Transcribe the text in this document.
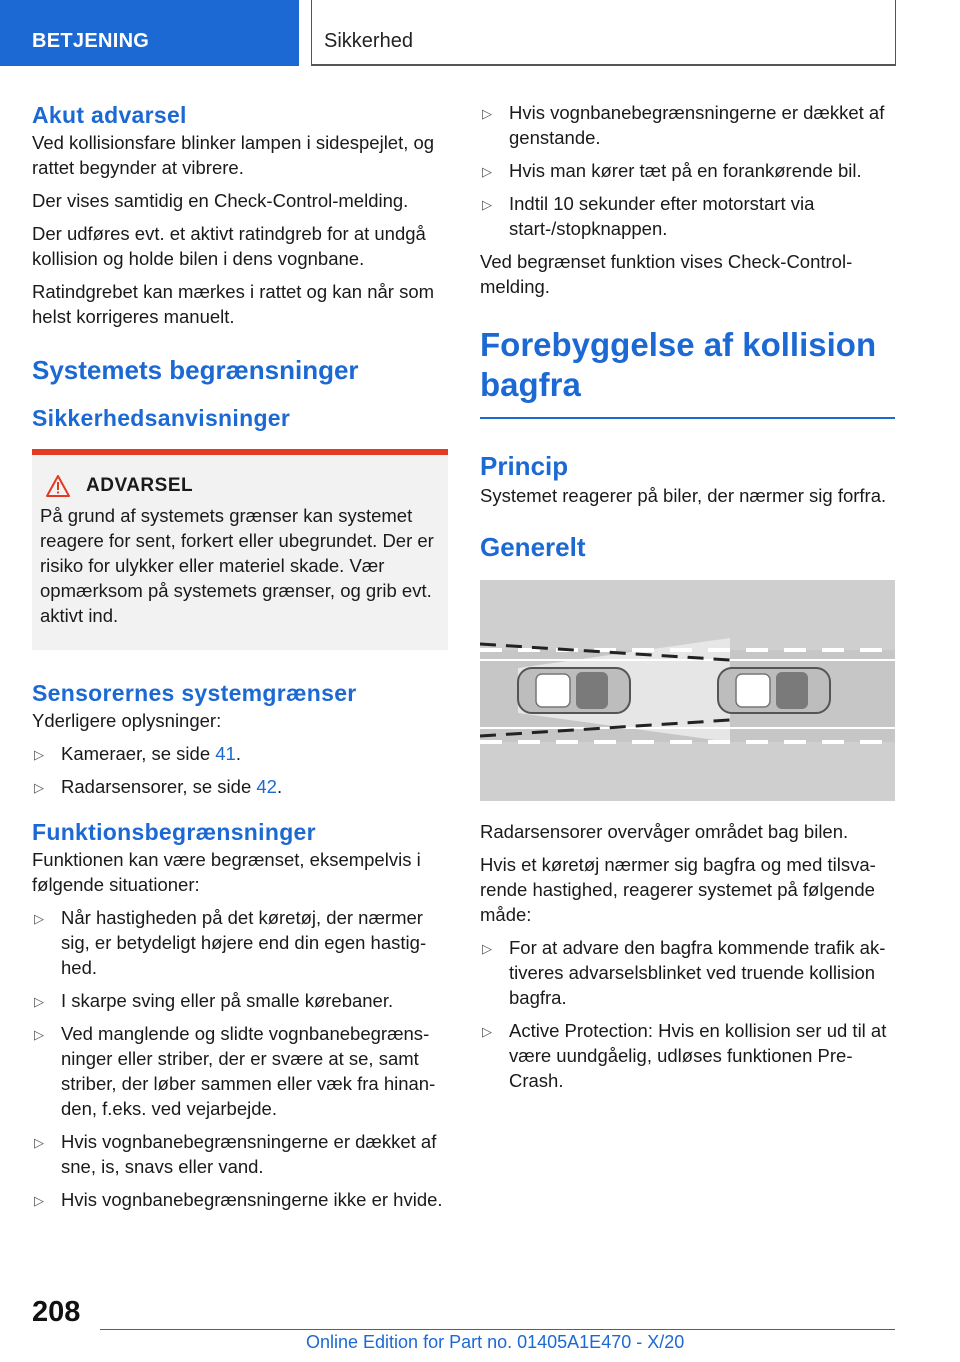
BETJENING	Sikkerhed
Akut advarsel

Ved kollisionsfare blinker lampen i sidespejlet, og rattet begynder at vibrere.

Der vises samtidig en Check-Control-melding.

Der udføres evt. et aktivt ratindgreb for at undgå kollision og holde bilen i dens vognbane.

Ratindgrebet kan mærkes i rattet og kan når som helst korrigeres manuelt.

Systemets begrænsninger
Sikkerhedsanvisninger
ADVARSEL

På grund af systemets grænser kan systemet reagere for sent, forkert eller ubegrundet. Der er risiko for ulykker eller materiel skade. Vær opmærksom på systemets grænser, og grib evt. aktivt ind.

Sensorernes systemgrænser

Yderligere oplysninger:

▷ Kameraer, se side 41.
▷ Radarsensorer, se side 42.
Funktionsbegrænsninger

Funktionen kan være begrænset, eksempelvis i følgende situationer:

▷ Når hastigheden på det køretøj, der nærmer sig, er betydeligt højere end din egen hastighed.
▷ I skarpe sving eller på smalle kørebaner.
▷ Ved manglende og slidte vognbanebegrænsninger eller striber, der er svære at se, samt striber, der løber sammen eller væk fra hinanden, f.eks. ved vejarbejde.
▷ Hvis vognbanebegrænsningerne er dækket af sne, is, snavs eller vand.
▷ Hvis vognbanebegrænsningerne ikke er hvide.
▷ Hvis vognbanebegrænsningerne er dækket af genstande.
▷ Hvis man kører tæt på en forankørende bil.
▷ Indtil 10 sekunder efter motorstart via start-/stopknappen.

Ved begrænset funktion vises Check-Control-melding.

Forebyggelse af kollision bagfra
Princip

Systemet reagerer på biler, der nærmer sig forfra.

Generelt

Radarsensorer overvåger området bag bilen.

Hvis et køretøj nærmer sig bagfra og med tilsvarende hastighed, reagerer systemet på følgende måde:

▷ For at advare den bagfra kommende trafik aktiveres advarselsblinket ved truende kollision bagfra.
▷ Active Protection: Hvis en kollision ser ud til at være uundgåelig, udløses funktionen Pre-Crash.
208
Online Edition for Part no. 01405A1E470 - X/20
